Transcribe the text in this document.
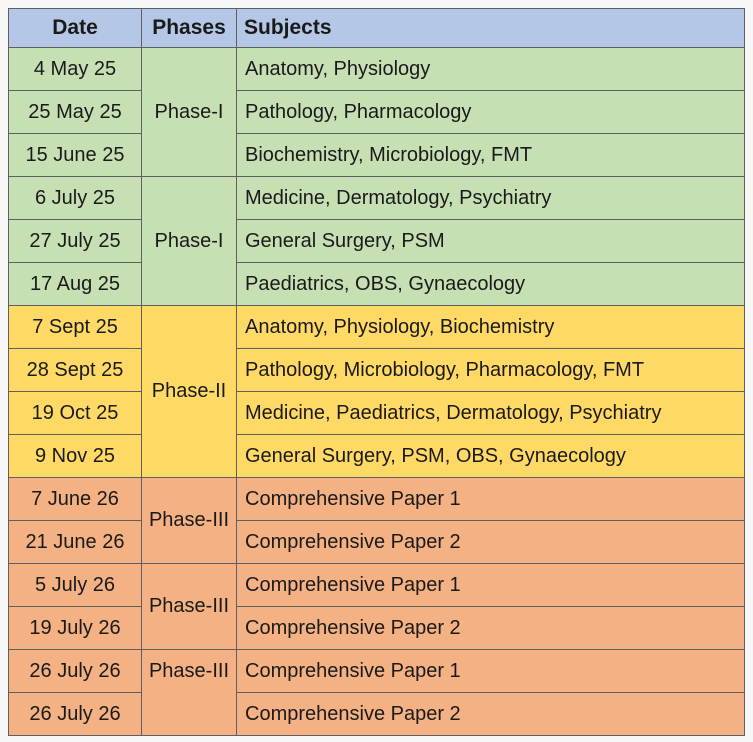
Date	Phases	Subjects
4 May 25	Phase-I	Anatomy, Physiology
25 May 25		Pathology, Pharmacology
15 June 25		Biochemistry, Microbiology, FMT
6 July 25	Phase-I	Medicine, Dermatology, Psychiatry
27 July 25		General Surgery, PSM
17 Aug 25		Paediatrics, OBS, Gynaecology
7 Sept 25	Phase-II	Anatomy, Physiology, Biochemistry
28 Sept 25		Pathology, Microbiology, Pharmacology, FMT
19 Oct 25		Medicine, Paediatrics, Dermatology, Psychiatry
9 Nov 25		General Surgery, PSM, OBS, Gynaecology
7 June 26	Phase-III	Comprehensive Paper 1
21 June 26		Comprehensive Paper 2
5 July 26	Phase-III	Comprehensive Paper 1
19 July 26		Comprehensive Paper 2
26 July 26	Phase-III	Comprehensive Paper 1
26 July 26		Comprehensive Paper 2
